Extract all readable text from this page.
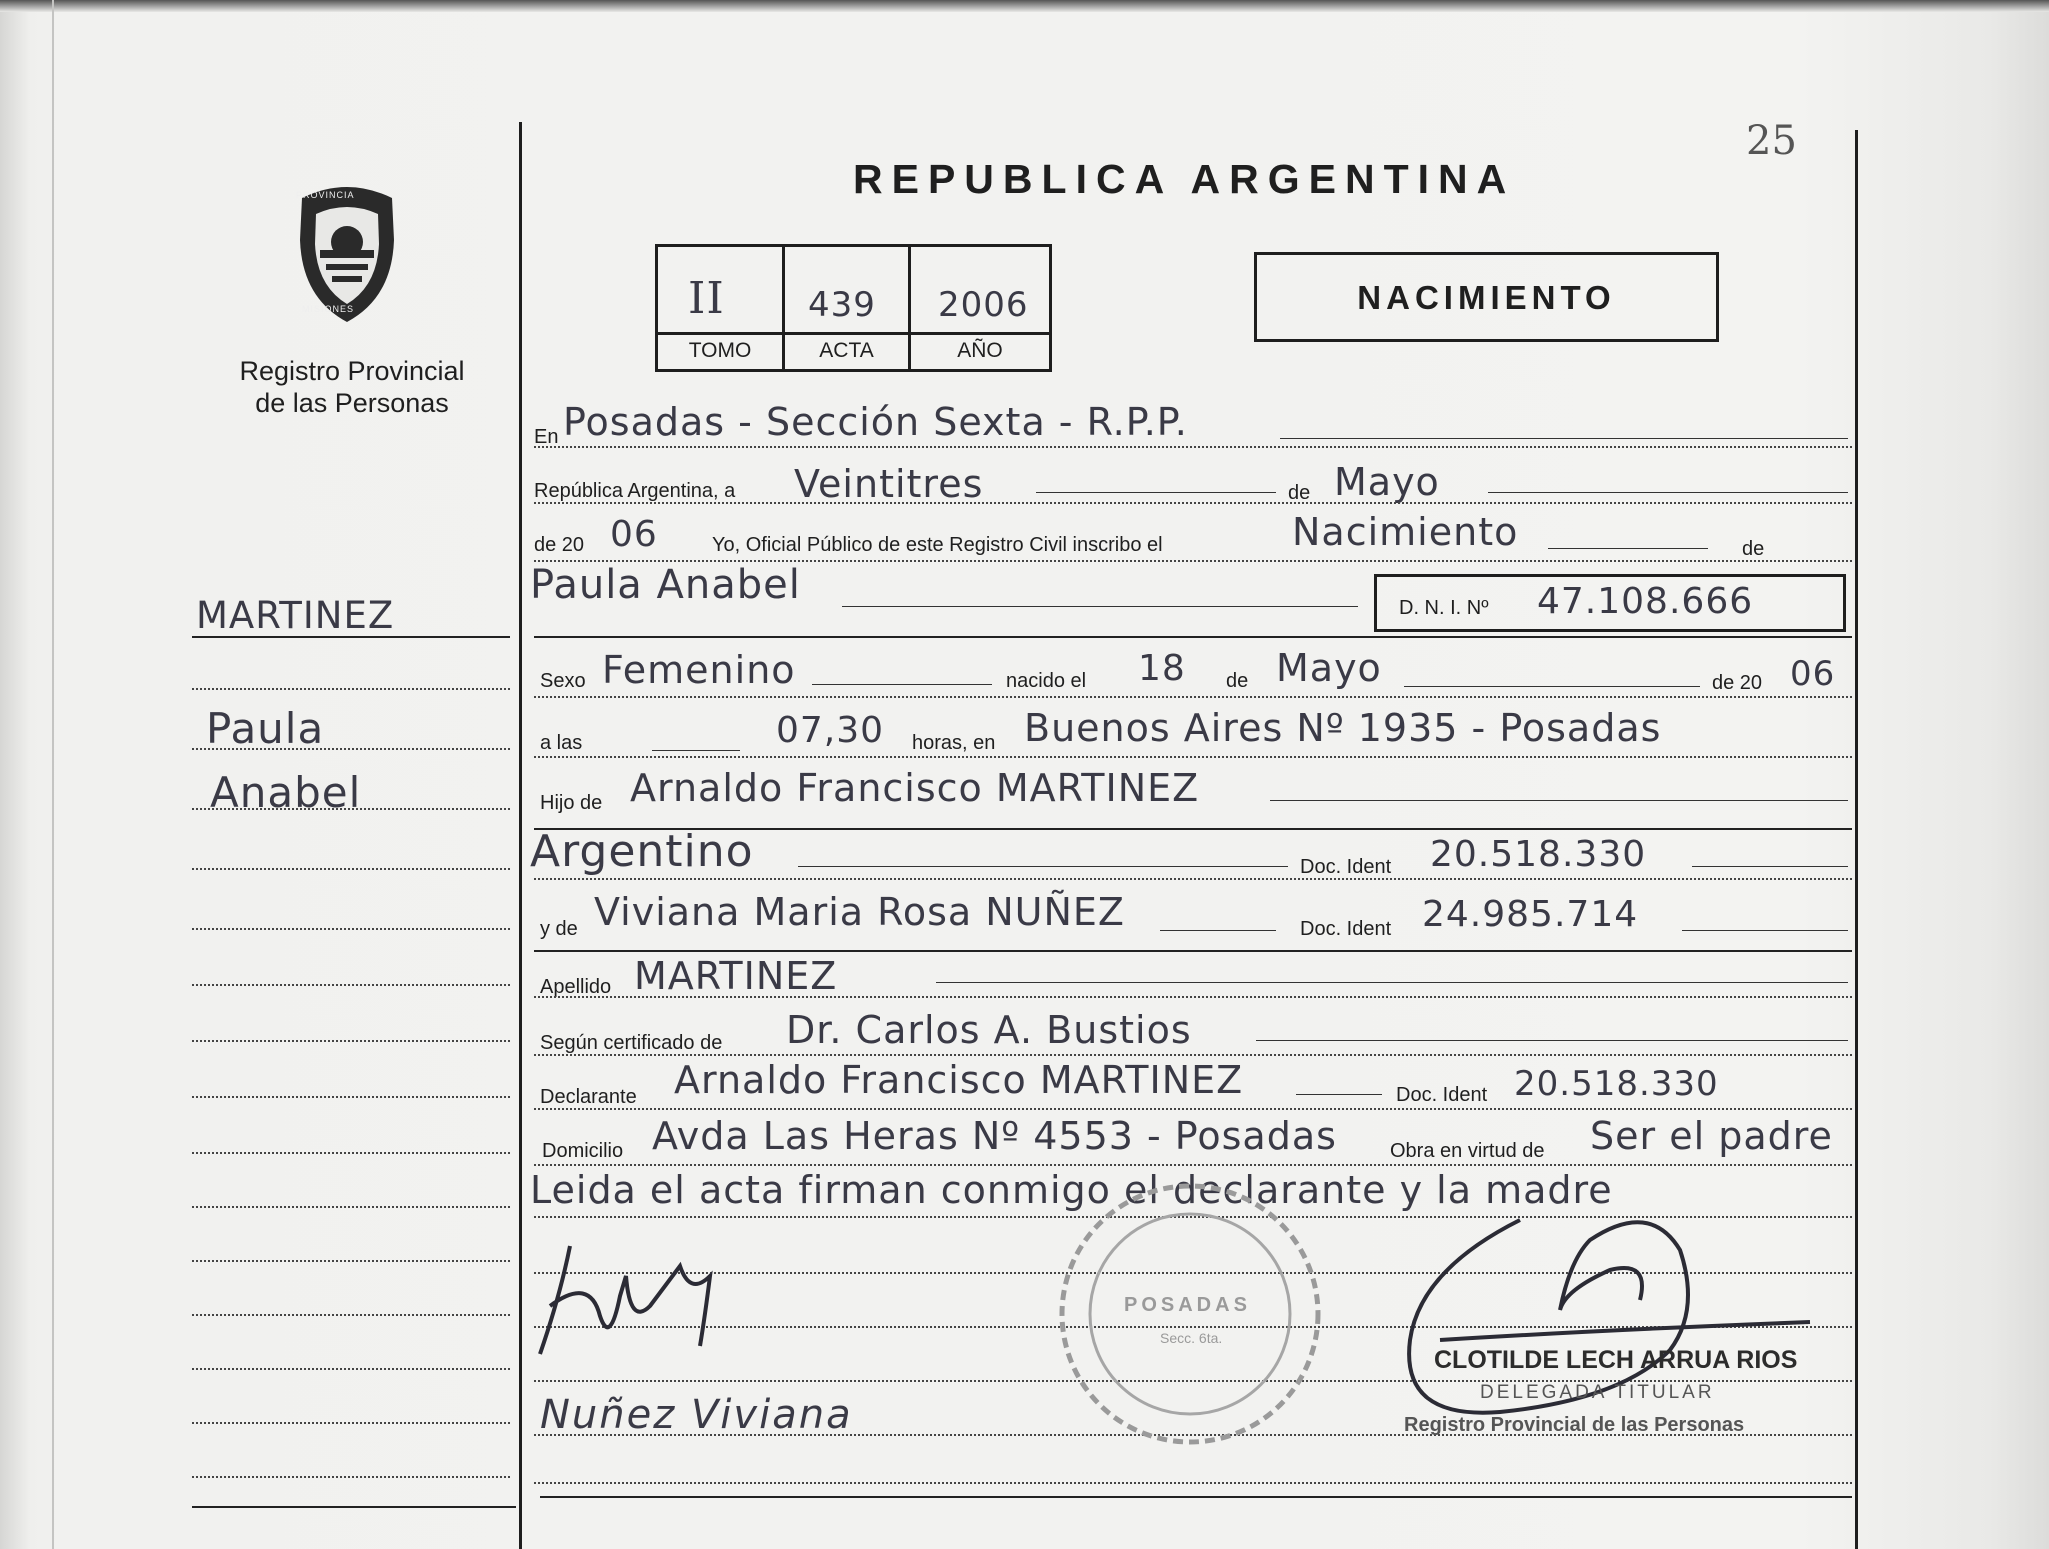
PROVINCIA
MISIONES
Registro Provincial
de las Personas
REPUBLICA ARGENTINA
25
II 439 2006
TOMO	ACTA	AÑO
NACIMIENTO
MARTINEZ
Paula
Anabel
En Posadas - Sección Sexta - R.P.P.
República Argentina, a Veintitres	de Mayo
de 20 06	Yo, Oficial Público de este Registro Civil inscribo el	Nacimiento	de
Paula Anabel	D. N. I. Nº 47.108.666
Sexo Femenino	nacido el 18 de Mayo	de 20 06
a las	07,30 horas, en Buenos Aires Nº 1935 - Posadas
Hijo de Arnaldo Francisco MARTINEZ
Argentino	Doc. Ident 20.518.330
y de Viviana Maria Rosa NUÑEZ	Doc. Ident 24.985.714
Apellido MARTINEZ
Según certificado de Dr. Carlos A. Bustios
Declarante Arnaldo Francisco MARTINEZ	Doc. Ident 20.518.330
Domicilio Avda Las Heras Nº 4553 - Posadas	Obra en virtud de Ser el padre
Leida el acta firman conmigo el declarante y la madre
POSADAS
Secc. 6ta.
Nuñez Viviana
CLOTILDE LECH ARRUA RIOS
DELEGADA TITULAR
Registro Provincial de las Personas
